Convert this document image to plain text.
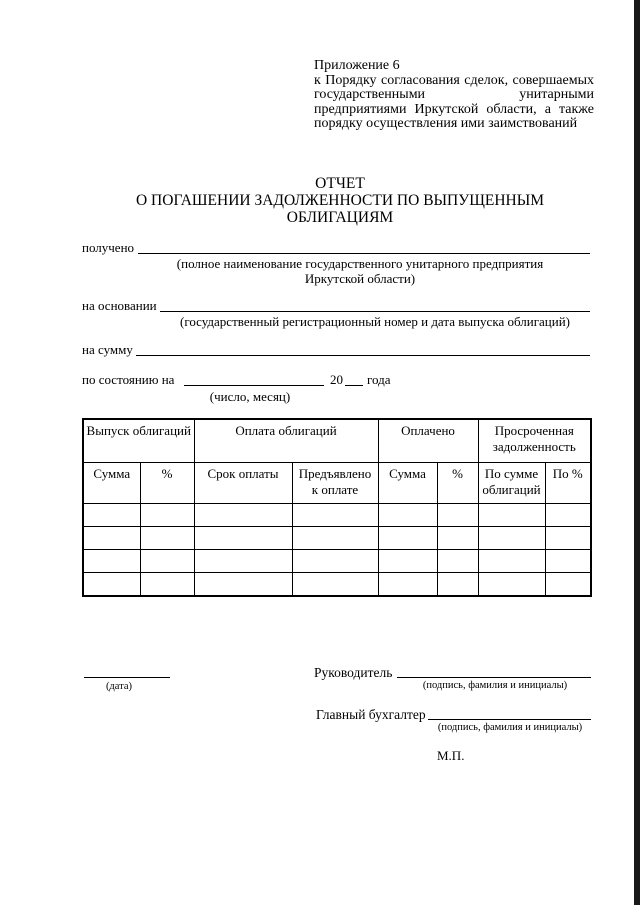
Приложение 6
к Порядку согласования сделок, совершаемых государственными унитарными предприятиями Иркутской области, а также порядку осуществления ими заимствований
ОТЧЕТ
О ПОГАШЕНИИ ЗАДОЛЖЕННОСТИ ПО ВЫПУЩЕННЫМ ОБЛИГАЦИЯМ
получено
(полное наименование государственного унитарного предприятия
Иркутской области)
на основании
(государственный регистрационный номер и дата выпуска облигаций)
на сумму
по состоянию на	20 года
(число, месяц)
Выпуск облигаций		Оплата облигаций		Оплачено		Просроченная задолженность	
Сумма	%	Срок оплаты	Предъявлено к оплате	Сумма	%	По сумме облигаций	По %

(дата)
Руководитель
(подпись, фамилия и инициалы)
Главный бухгалтер
(подпись, фамилия и инициалы)
М.П.
